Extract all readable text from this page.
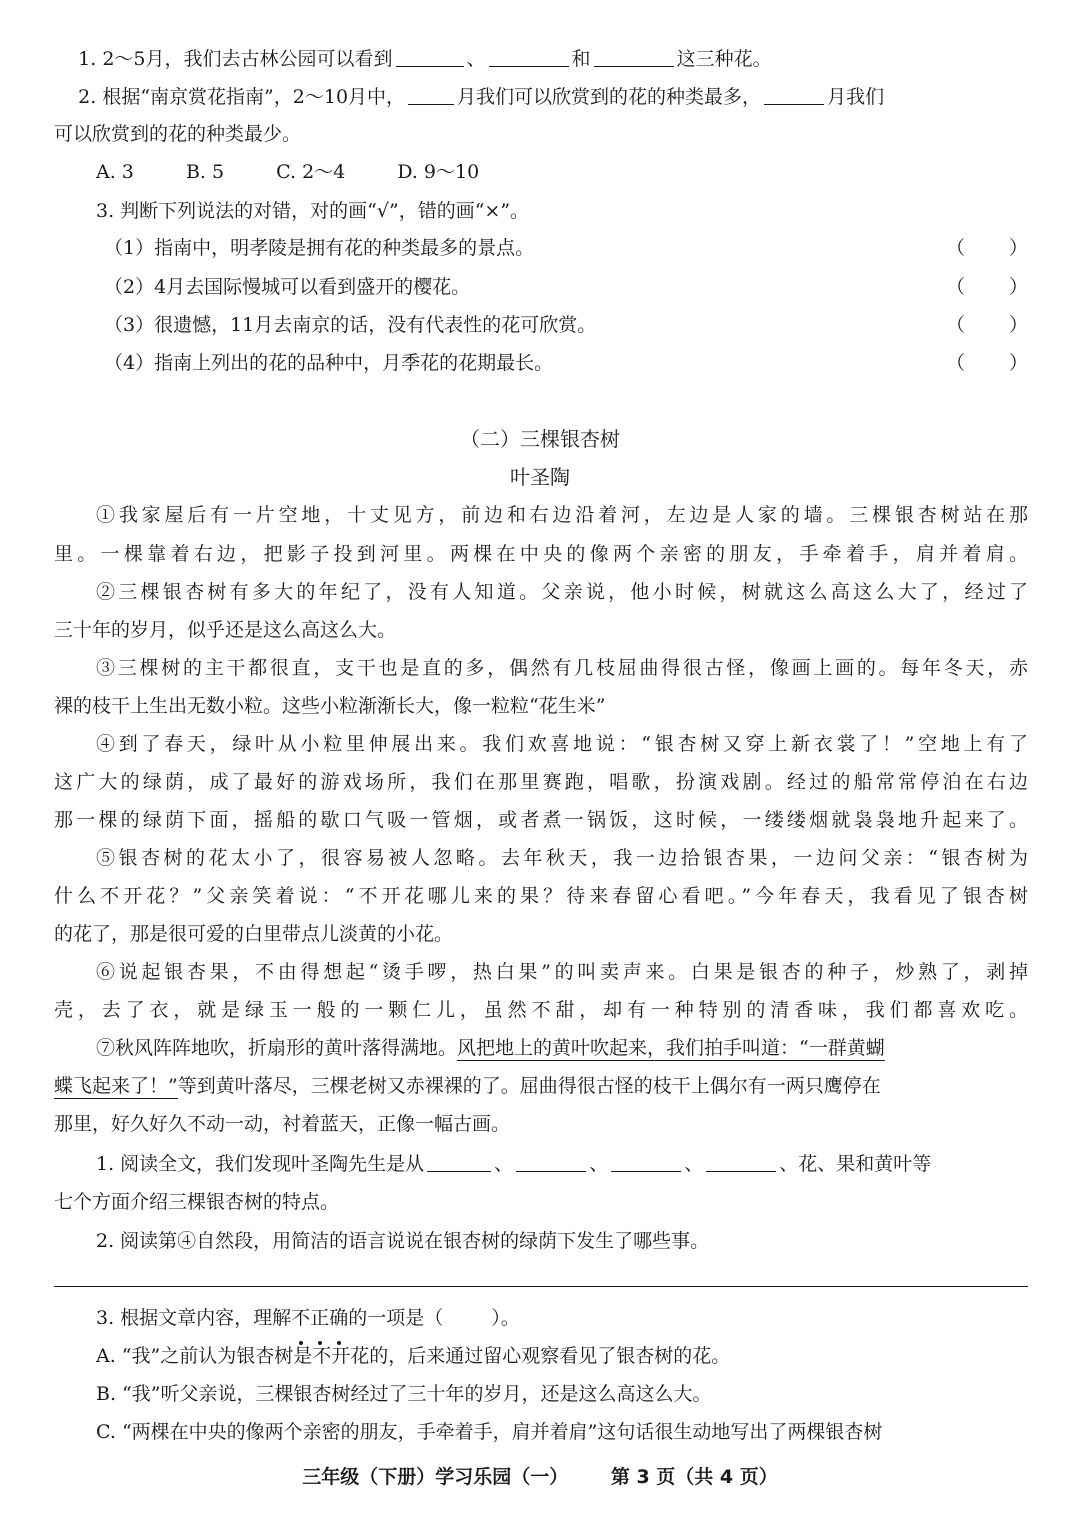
1. 2～5月，我们去古林公园可以看到	、	和	这三种花。
2. 根据“南京赏花指南”，2～10月中，	月我们可以欣赏到的花的种类最多，	月我们
可以欣赏到的花的种类最少。
A. 3	B. 5	C. 2～4	D. 9～10
3. 判断下列说法的对错，对的画“√”，错的画“×”。
（1）指南中，明孝陵是拥有花的种类最多的景点。	（ ）
（2）4月去国际慢城可以看到盛开的樱花。	（ ）
（3）很遗憾，11月去南京的话，没有代表性的花可欣赏。	（ ）
（4）指南上列出的花的品种中，月季花的花期最长。	（ ）
（二）三棵银杏树
叶圣陶
①我家屋后有一片空地，十丈见方，前边和右边沿着河，左边是人家的墙。三棵银杏树站在那
里。一棵靠着右边，把影子投到河里。两棵在中央的像两个亲密的朋友，手牵着手，肩并着肩。
②三棵银杏树有多大的年纪了，没有人知道。父亲说，他小时候，树就这么高这么大了，经过了
三十年的岁月，似乎还是这么高这么大。
③三棵树的主干都很直，支干也是直的多，偶然有几枝屈曲得很古怪，像画上画的。每年冬天，赤
裸的枝干上生出无数小粒。这些小粒渐渐长大，像一粒粒“花生米”
④到了春天，绿叶从小粒里伸展出来。我们欢喜地说：“银杏树又穿上新衣裳了！”空地上有了
这广大的绿荫，成了最好的游戏场所，我们在那里赛跑，唱歌，扮演戏剧。经过的船常常停泊在右边
那一棵的绿荫下面，摇船的歇口气吸一管烟，或者煮一锅饭，这时候，一缕缕烟就袅袅地升起来了。
⑤银杏树的花太小了，很容易被人忽略。去年秋天，我一边拾银杏果，一边问父亲：“银杏树为
什么不开花？”父亲笑着说：“不开花哪儿来的果？待来春留心看吧。”今年春天，我看见了银杏树
的花了，那是很可爱的白里带点儿淡黄的小花。
⑥说起银杏果，不由得想起“烫手啰，热白果”的叫卖声来。白果是银杏的种子，炒熟了，剥掉
壳，去了衣，就是绿玉一般的一颗仁儿，虽然不甜，却有一种特别的清香味，我们都喜欢吃。
⑦秋风阵阵地吹，折扇形的黄叶落得满地。风把地上的黄叶吹起来，我们拍手叫道：“一群黄蝴
蝶飞起来了！”等到黄叶落尽，三棵老树又赤裸裸的了。屈曲得很古怪的枝干上偶尔有一两只鹰停在
那里，好久好久不动一动，衬着蓝天，正像一幅古画。
1. 阅读全文，我们发现叶圣陶先生是从	、	、	、	、花、果和黄叶等
七个方面介绍三棵银杏树的特点。
2. 阅读第④自然段，用简洁的语言说说在银杏树的绿荫下发生了哪些事。
3. 根据文章内容，理解不
正
确
的一项是（	）。
A. “我”之前认为银杏树是不开花的，后来通过留心观察看见了银杏树的花。
B. “我”听父亲说，三棵银杏树经过了三十年的岁月，还是这么高这么大。
C. “两棵在中央的像两个亲密的朋友，手牵着手，肩并着肩”这句话很生动地写出了两棵银杏树
三年级（下册）学习乐园（一） 第 3 页（共 4 页）
